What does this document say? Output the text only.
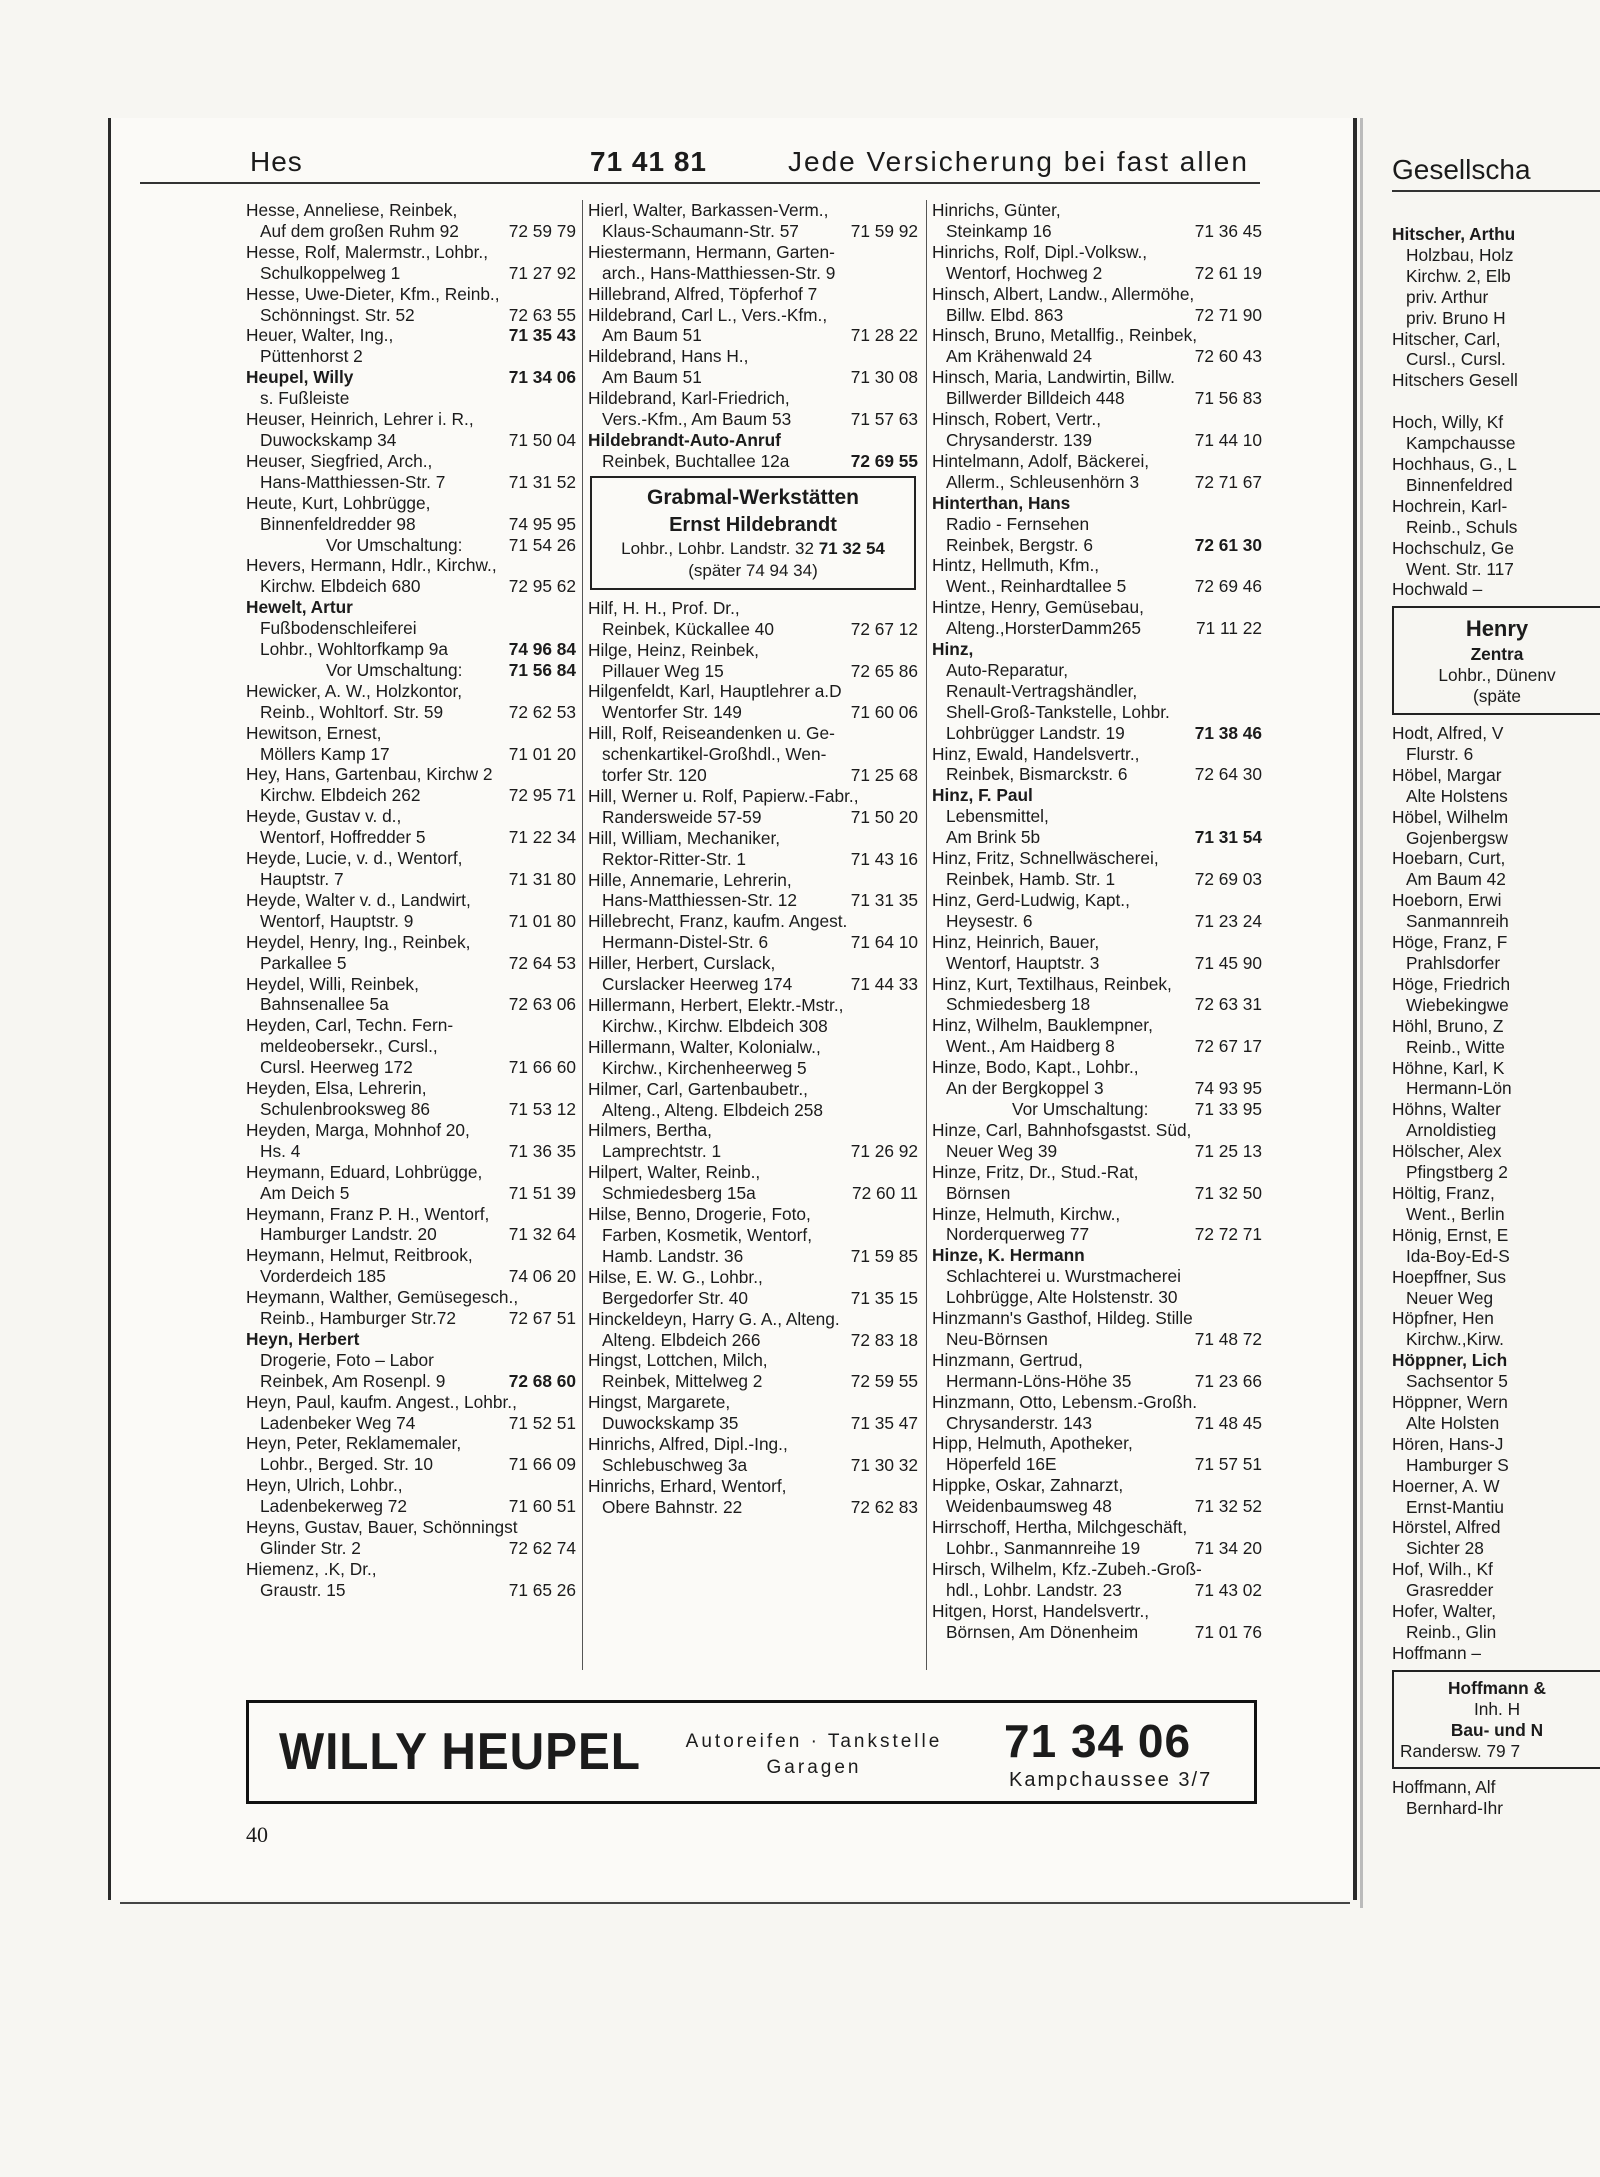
Hes	71 41 81	Jede Versicherung bei fast allen
Hesse, Anneliese, Reinbek,
Auf dem großen Ruhm 92	72 59 79
Hesse, Rolf, Malermstr., Lohbr.,
Schulkoppelweg 1	71 27 92
Hesse, Uwe-Dieter, Kfm., Reinb.,
Schönningst. Str. 52	72 63 55
Heuer, Walter, Ing.,	71 35 43
Püttenhorst 2
Heupel, Willy	71 34 06
s. Fußleiste
Heuser, Heinrich, Lehrer i. R.,
Duwockskamp 34	71 50 04
Heuser, Siegfried, Arch.,
Hans-Matthiessen-Str. 7	71 31 52
Heute, Kurt, Lohbrügge,
Binnenfeldredder 98	74 95 95
Vor Umschaltung:	71 54 26
Hevers, Hermann, Hdlr., Kirchw.,
Kirchw. Elbdeich 680	72 95 62
Hewelt, Artur
Fußbodenschleiferei
Lohbr., Wohltorfkamp 9a	74 96 84
Vor Umschaltung:	71 56 84
Hewicker, A. W., Holzkontor,
Reinb., Wohltorf. Str. 59	72 62 53
Hewitson, Ernest,
Möllers Kamp 17	71 01 20
Hey, Hans, Gartenbau, Kirchw 2
Kirchw. Elbdeich 262	72 95 71
Heyde, Gustav v. d.,
Wentorf, Hoffredder 5	71 22 34
Heyde, Lucie, v. d., Wentorf,
Hauptstr. 7	71 31 80
Heyde, Walter v. d., Landwirt,
Wentorf, Hauptstr. 9	71 01 80
Heydel, Henry, Ing., Reinbek,
Parkallee 5	72 64 53
Heydel, Willi, Reinbek,
Bahnsenallee 5a	72 63 06
Heyden, Carl, Techn. Fern-
meldeobersekr., Cursl.,
Cursl. Heerweg 172	71 66 60
Heyden, Elsa, Lehrerin,
Schulenbrooksweg 86	71 53 12
Heyden, Marga, Mohnhof 20,
Hs. 4	71 36 35
Heymann, Eduard, Lohbrügge,
Am Deich 5	71 51 39
Heymann, Franz P. H., Wentorf,
Hamburger Landstr. 20	71 32 64
Heymann, Helmut, Reitbrook,
Vorderdeich 185	74 06 20
Heymann, Walther, Gemüsegesch.,
Reinb., Hamburger Str.72	72 67 51
Heyn, Herbert
Drogerie, Foto – Labor
Reinbek, Am Rosenpl. 9	72 68 60
Heyn, Paul, kaufm. Angest., Lohbr.,
Ladenbeker Weg 74	71 52 51
Heyn, Peter, Reklamemaler,
Lohbr., Berged. Str. 10	71 66 09
Heyn, Ulrich, Lohbr.,
Ladenbekerweg 72	71 60 51
Heyns, Gustav, Bauer, Schönningst
Glinder Str. 2	72 62 74
Hiemenz, .K, Dr.,
Graustr. 15	71 65 26
Hierl, Walter, Barkassen-Verm.,
Klaus-Schaumann-Str. 57	71 59 92
Hiestermann, Hermann, Garten-
arch., Hans-Matthiessen-Str. 9
Hillebrand, Alfred, Töpferhof 7
Hildebrand, Carl L., Vers.-Kfm.,
Am Baum 51	71 28 22
Hildebrand, Hans H.,
Am Baum 51	71 30 08
Hildebrand, Karl-Friedrich,
Vers.-Kfm., Am Baum 53	71 57 63
Hildebrandt-Auto-Anruf
Reinbek, Buchtallee 12a	72 69 55
Grabmal-Werkstätten
Ernst Hildebrandt
Lohbr., Lohbr. Landstr. 32 71 32 54
(später 74 94 34)
Hilf, H. H., Prof. Dr.,
Reinbek, Kückallee 40	72 67 12
Hilge, Heinz, Reinbek,
Pillauer Weg 15	72 65 86
Hilgenfeldt, Karl, Hauptlehrer a.D
Wentorfer Str. 149	71 60 06
Hill, Rolf, Reiseandenken u. Ge-
schenkartikel-Großhdl., Wen-
torfer Str. 120	71 25 68
Hill, Werner u. Rolf, Papierw.-Fabr.,
Randersweide 57-59	71 50 20
Hill, William, Mechaniker,
Rektor-Ritter-Str. 1	71 43 16
Hille, Annemarie, Lehrerin,
Hans-Matthiessen-Str. 12	71 31 35
Hillebrecht, Franz, kaufm. Angest.
Hermann-Distel-Str. 6	71 64 10
Hiller, Herbert, Curslack,
Curslacker Heerweg 174	71 44 33
Hillermann, Herbert, Elektr.-Mstr.,
Kirchw., Kirchw. Elbdeich 308
Hillermann, Walter, Kolonialw.,
Kirchw., Kirchenheerweg 5
Hilmer, Carl, Gartenbaubetr.,
Alteng., Alteng. Elbdeich 258
Hilmers, Bertha,
Lamprechtstr. 1	71 26 92
Hilpert, Walter, Reinb.,
Schmiedesberg 15a	72 60 11
Hilse, Benno, Drogerie, Foto,
Farben, Kosmetik, Wentorf,
Hamb. Landstr. 36	71 59 85
Hilse, E. W. G., Lohbr.,
Bergedorfer Str. 40	71 35 15
Hinckeldeyn, Harry G. A., Alteng.
Alteng. Elbdeich 266	72 83 18
Hingst, Lottchen, Milch,
Reinbek, Mittelweg 2	72 59 55
Hingst, Margarete,
Duwockskamp 35	71 35 47
Hinrichs, Alfred, Dipl.-Ing.,
Schlebuschweg 3a	71 30 32
Hinrichs, Erhard, Wentorf,
Obere Bahnstr. 22	72 62 83
Hinrichs, Günter,
Steinkamp 16	71 36 45
Hinrichs, Rolf, Dipl.-Volksw.,
Wentorf, Hochweg 2	72 61 19
Hinsch, Albert, Landw., Allermöhe,
Billw. Elbd. 863	72 71 90
Hinsch, Bruno, Metallfig., Reinbek,
Am Krähenwald 24	72 60 43
Hinsch, Maria, Landwirtin, Billw.
Billwerder Billdeich 448	71 56 83
Hinsch, Robert, Vertr.,
Chrysanderstr. 139	71 44 10
Hintelmann, Adolf, Bäckerei,
Allerm., Schleusenhörn 3	72 71 67
Hinterthan, Hans
Radio - Fernsehen
Reinbek, Bergstr. 6	72 61 30
Hintz, Hellmuth, Kfm.,
Went., Reinhardtallee 5	72 69 46
Hintze, Henry, Gemüsebau,
Alteng.,HorsterDamm265	71 11 22
Hinz,
Auto-Reparatur,
Renault-Vertragshändler,
Shell-Groß-Tankstelle, Lohbr.
Lohbrügger Landstr. 19	71 38 46
Hinz, Ewald, Handelsvertr.,
Reinbek, Bismarckstr. 6	72 64 30
Hinz, F. Paul
Lebensmittel,
Am Brink 5b	71 31 54
Hinz, Fritz, Schnellwäscherei,
Reinbek, Hamb. Str. 1	72 69 03
Hinz, Gerd-Ludwig, Kapt.,
Heysestr. 6	71 23 24
Hinz, Heinrich, Bauer,
Wentorf, Hauptstr. 3	71 45 90
Hinz, Kurt, Textilhaus, Reinbek,
Schmiedesberg 18	72 63 31
Hinz, Wilhelm, Bauklempner,
Went., Am Haidberg 8	72 67 17
Hinze, Bodo, Kapt., Lohbr.,
An der Bergkoppel 3	74 93 95
Vor Umschaltung:	71 33 95
Hinze, Carl, Bahnhofsgastst. Süd,
Neuer Weg 39	71 25 13
Hinze, Fritz, Dr., Stud.-Rat,
Börnsen	71 32 50
Hinze, Helmuth, Kirchw.,
Norderquerweg 77	72 72 71
Hinze, K. Hermann
Schlachterei u. Wurstmacherei
Lohbrügge, Alte Holstenstr. 30
Hinzmann's Gasthof, Hildeg. Stille
Neu-Börnsen	71 48 72
Hinzmann, Gertrud,
Hermann-Löns-Höhe 35	71 23 66
Hinzmann, Otto, Lebensm.-Großh.
Chrysanderstr. 143	71 48 45
Hipp, Helmuth, Apotheker,
Höperfeld 16E	71 57 51
Hippke, Oskar, Zahnarzt,
Weidenbaumsweg 48	71 32 52
Hirrschoff, Hertha, Milchgeschäft,
Lohbr., Sanmannreihe 19	71 34 20
Hirsch, Wilhelm, Kfz.-Zubeh.-Groß-
hdl., Lohbr. Landstr. 23	71 43 02
Hitgen, Horst, Handelsvertr.,
Börnsen, Am Dönenheim	71 01 76
WILLY HEUPEL	Autoreifen · Tankstelle
Garagen
71 34 06
Kampchaussee 3/7
40
Gesellscha
Hitscher, Arthu
Holzbau, Holz
Kirchw. 2, Elb
priv. Arthur
priv. Bruno H
Hitscher, Carl,
Cursl., Cursl.
Hitschers Gesell

Hoch, Willy, Kf
Kampchausse
Hochhaus, G., L
Binnenfeldred
Hochrein, Karl-
Reinb., Schuls
Hochschulz, Ge
Went. Str. 117
Hochwald –
Henry
Zentra
Lohbr., Dünenv
(späte
Hodt, Alfred, V
Flurstr. 6
Höbel, Margar
Alte Holstens
Höbel, Wilhelm
Gojenbergsw
Hoebarn, Curt,
Am Baum 42
Hoeborn, Erwi
Sanmannreih
Höge, Franz, F
Prahlsdorfer
Höge, Friedrich
Wiebekingwe
Höhl, Bruno, Z
Reinb., Witte
Höhne, Karl, K
Hermann-Lön
Höhns, Walter
Arnoldistieg
Hölscher, Alex
Pfingstberg 2
Höltig, Franz,
Went., Berlin
Hönig, Ernst, E
Ida-Boy-Ed-S
Hoepffner, Sus
Neuer Weg
Höpfner, Hen
Kirchw.,Kirw.
Höppner, Lich
Sachsentor 5
Höppner, Wern
Alte Holsten
Hören, Hans-J
Hamburger S
Hoerner, A. W
Ernst-Mantiu
Hörstel, Alfred
Sichter 28
Hof, Wilh., Kf
Grasredder
Hofer, Walter,
Reinb., Glin
Hoffmann –
Hoffmann &
Inh. H
Bau- und N
Randersw. 79 7
Hoffmann, Alf
Bernhard-Ihr
